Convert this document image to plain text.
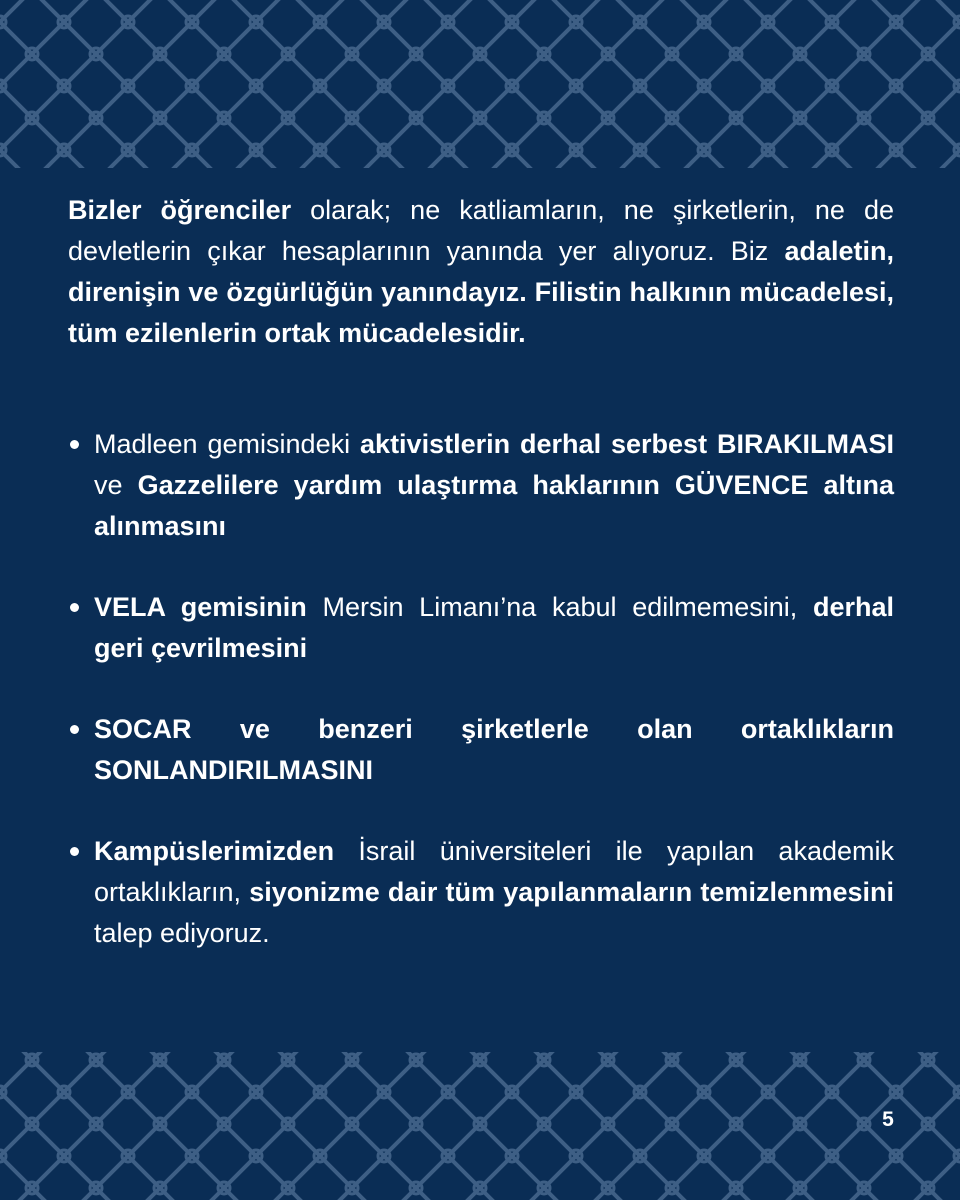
Bizler öğrenciler olarak; ne katliamların, ne şirketlerin, ne de devletlerin çıkar hesaplarının yanında yer alıyoruz. Biz adaletin, direnişin ve özgürlüğün yanındayız. Filistin halkının mücadelesi, tüm ezilenlerin ortak mücadelesidir.

Madleen gemisindeki aktivistlerin derhal serbest BIRAKILMASI ve Gazzelilere yardım ulaştırma haklarının GÜVENCE altına alınmasını
VELA gemisinin Mersin Limanı’na kabul edilmemesini, derhal geri çevrilmesini
SOCAR ve benzeri şirketlerle olan ortaklıkların SONLANDIRILMASINI
Kampüslerimizden İsrail üniversiteleri ile yapılan akademik ortaklıkların, siyonizme dair tüm yapılanmaların temizlenmesini talep ediyoruz.
5
